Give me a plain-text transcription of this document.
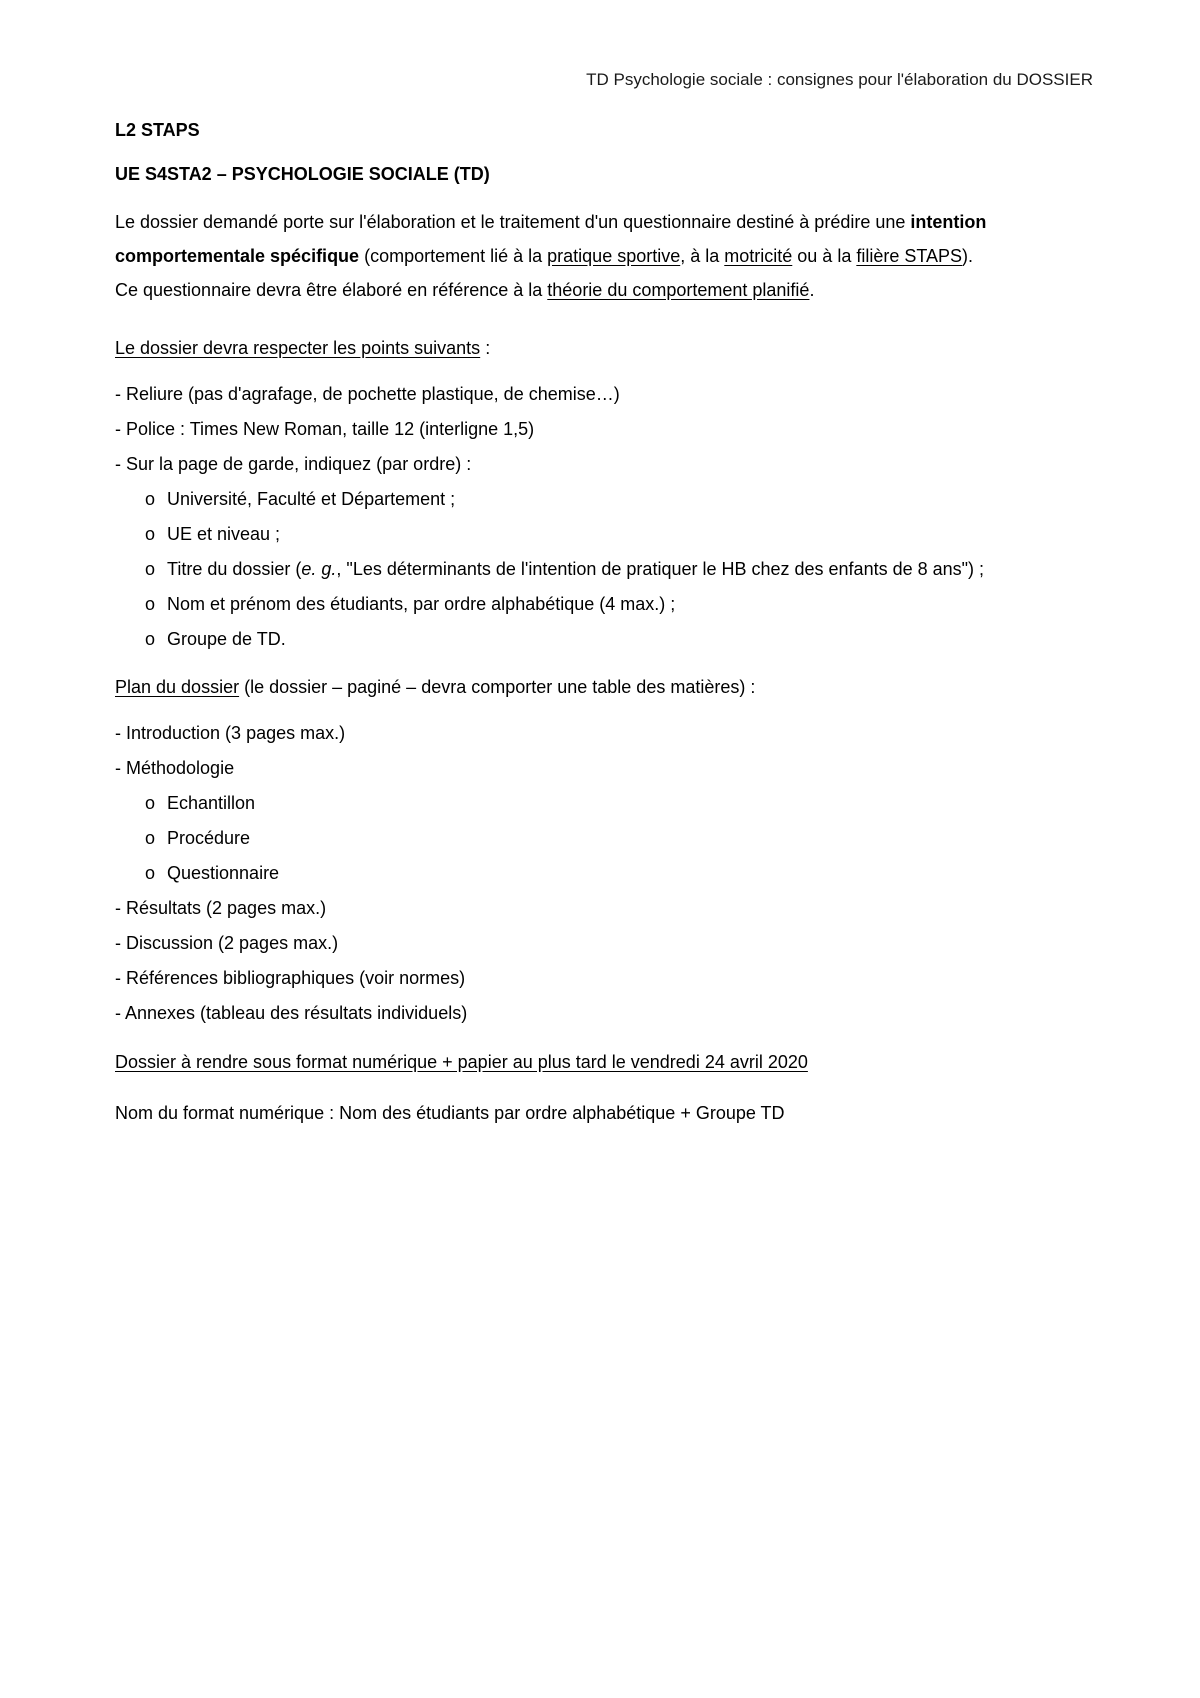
TD Psychologie sociale : consignes pour l'élaboration du DOSSIER

L2 STAPS

UE S4STA2 – PSYCHOLOGIE SOCIALE (TD)

Le dossier demandé porte sur l'élaboration et le traitement d'un questionnaire destiné à prédire une intention comportementale spécifique (comportement lié à la pratique sportive, à la motricité ou à la filière STAPS).
Ce questionnaire devra être élaboré en référence à la théorie du comportement planifié.

Le dossier devra respecter les points suivants :

- Reliure (pas d'agrafage, de pochette plastique, de chemise…)
- Police : Times New Roman, taille 12 (interligne 1,5)
- Sur la page de garde, indiquez (par ordre) :
o Université, Faculté et Département ;
o UE et niveau ;
o Titre du dossier (e. g., "Les déterminants de l'intention de pratiquer le HB chez des enfants de 8 ans") ;
o Nom et prénom des étudiants, par ordre alphabétique (4 max.) ;
o Groupe de TD.

Plan du dossier (le dossier – paginé – devra comporter une table des matières) :

- Introduction (3 pages max.)
- Méthodologie
o Echantillon
o Procédure
o Questionnaire
- Résultats (2 pages max.)
- Discussion (2 pages max.)
- Références bibliographiques (voir normes)
- Annexes (tableau des résultats individuels)

Dossier à rendre sous format numérique + papier au plus tard le vendredi 24 avril 2020

Nom du format numérique : Nom des étudiants par ordre alphabétique + Groupe TD
